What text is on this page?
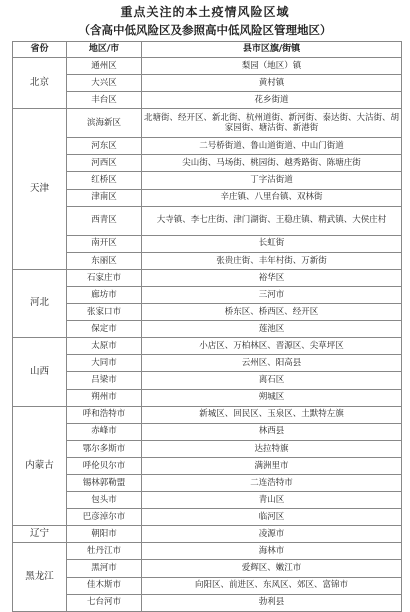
重点关注的本土疫情风险区域
（含高中低风险区及参照高中低风险区管理地区）
省份	地区/市	县市区旗/街镇
北京	通州区	梨园（地区）镇
	大兴区	黄村镇
	丰台区	花乡街道
天津	滨海新区	北塘街、经开区、新北街、杭州道街、新河街、泰达街、大沽街、胡家园街、塘沽街、新港街
	河东区	二号桥街道、鲁山道街道、中山门街道
	河西区	尖山街、马场街、桃园街、越秀路街、陈塘庄街
	红桥区	丁字沽街道
	津南区	辛庄镇、八里台镇、双林街
	西青区	大寺镇、李七庄街、津门湖街、王稳庄镇、精武镇、大侯庄村
	南开区	长虹街
	东丽区	张贵庄街、丰年村街、万新街
河北	石家庄市	裕华区
	廊坊市	三河市
	张家口市	桥东区、桥西区、经开区
	保定市	莲池区
山西	太原市	小店区、万柏林区、晋源区、尖草坪区
	大同市	云州区、阳高县
	吕梁市	离石区
	朔州市	朔城区
内蒙古	呼和浩特市	新城区、回民区、玉泉区、土默特左旗
	赤峰市	林西县
	鄂尔多斯市	达拉特旗
	呼伦贝尔市	满洲里市
	锡林郭勒盟	二连浩特市
	包头市	青山区
	巴彦淖尔市	临河区
辽宁	朝阳市	凌源市
黑龙江	牡丹江市	海林市
	黑河市	爱辉区、嫩江市
	佳木斯市	向阳区、前进区、东风区、郊区、富锦市
	七台河市	勃利县
